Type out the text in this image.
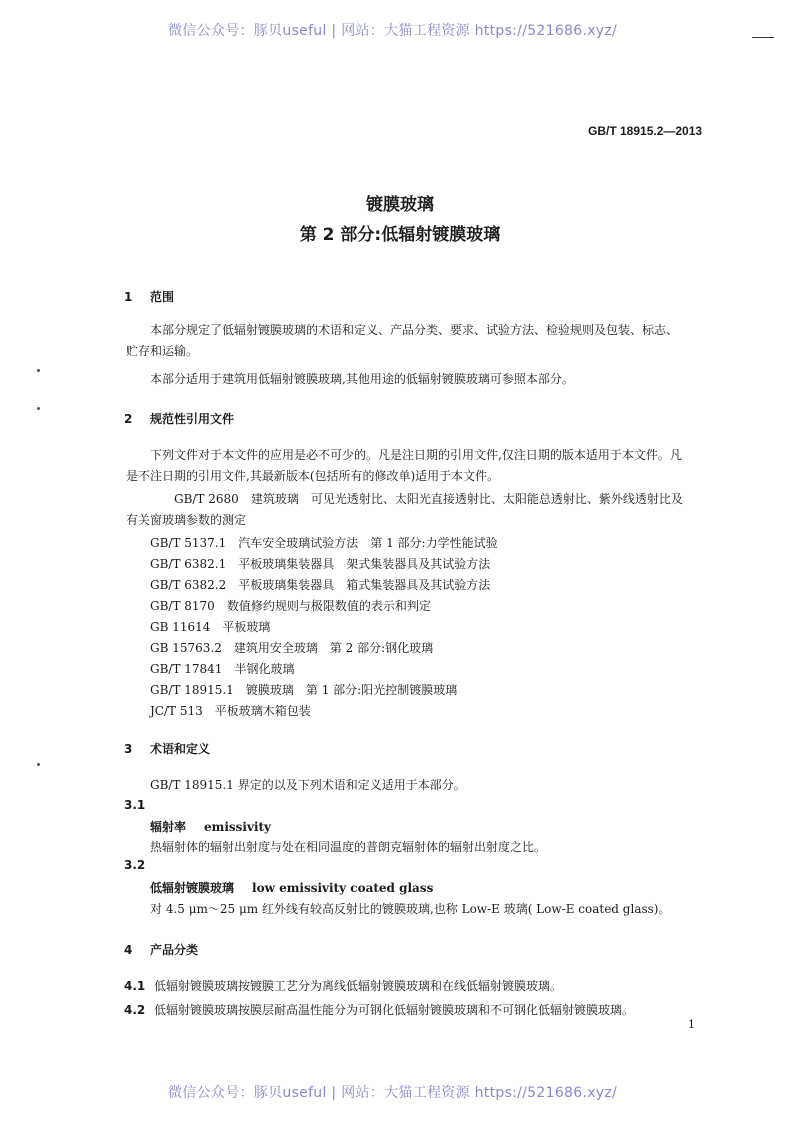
微信公众号：豚贝useful | 网站：大猫工程资源 https://521686.xyz/
GB/T 18915.2—2013
镀膜玻璃
第 2 部分:低辐射镀膜玻璃
1 范围
本部分规定了低辐射镀膜玻璃的术语和定义、产品分类、要求、试验方法、检验规则及包装、标志、贮存和运输。
本部分适用于建筑用低辐射镀膜玻璃,其他用途的低辐射镀膜玻璃可参照本部分。
2 规范性引用文件
下列文件对于本文件的应用是必不可少的。凡是注日期的引用文件,仅注日期的版本适用于本文件。凡是不注日期的引用文件,其最新版本(包括所有的修改单)适用于本文件。
GB/T 2680 建筑玻璃　可见光透射比、太阳光直接透射比、太阳能总透射比、紫外线透射比及有关窗玻璃参数的测定
GB/T 5137.1 汽车安全玻璃试验方法　第 1 部分:力学性能试验
GB/T 6382.1 平板玻璃集装器具　架式集装器具及其试验方法
GB/T 6382.2 平板玻璃集装器具　箱式集装器具及其试验方法
GB/T 8170 数值修约规则与极限数值的表示和判定
GB 11614 平板玻璃
GB 15763.2 建筑用安全玻璃　第 2 部分:钢化玻璃
GB/T 17841 半钢化玻璃
GB/T 18915.1 镀膜玻璃　第 1 部分:阳光控制镀膜玻璃
JC/T 513 平板玻璃木箱包装
3 术语和定义
GB/T 18915.1 界定的以及下列术语和定义适用于本部分。
3.1
辐射率 emissivity
热辐射体的辐射出射度与处在相同温度的普朗克辐射体的辐射出射度之比。
3.2
低辐射镀膜玻璃 low emissivity coated glass
对 4.5 μm～25 μm 红外线有较高反射比的镀膜玻璃,也称 Low-E 玻璃( Low-E coated glass)。
4 产品分类
4.1 低辐射镀膜玻璃按镀膜工艺分为离线低辐射镀膜玻璃和在线低辐射镀膜玻璃。
4.2 低辐射镀膜玻璃按膜层耐高温性能分为可钢化低辐射镀膜玻璃和不可钢化低辐射镀膜玻璃。
1
微信公众号：豚贝useful | 网站：大猫工程资源 https://521686.xyz/
